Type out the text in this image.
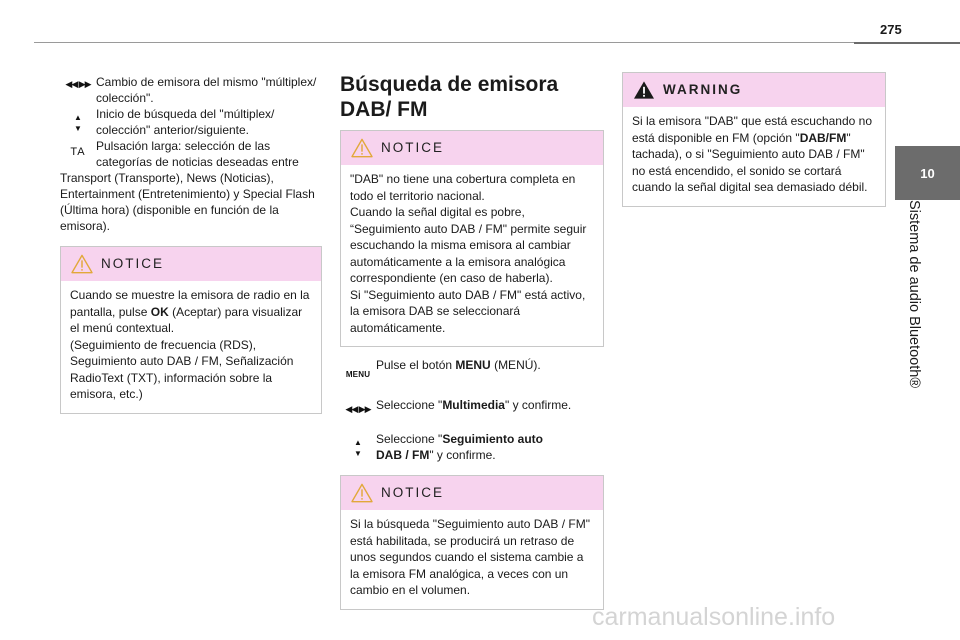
275
10
Sistema de audio Bluetooth®
◀◀ ▶▶ Cambio de emisora del mismo "múltiplex/ colección".
▲
▼
Inicio de búsqueda del "múltiplex/ colección" anterior/siguiente.
TA Pulsación larga: selección de las categorías de noticias deseadas entre
Transport (Transporte), News (Noticias), Entertainment (Entretenimiento) y Special Flash (Última hora) (disponible en función de la emisora).
NOTICE
Cuando se muestre la emisora de radio en la pantalla, pulse OK (Aceptar) para visualizar el menú contextual.
(Seguimiento de frecuencia (RDS), Seguimiento auto DAB / FM, Señalización RadioText (TXT), información sobre la emisora, etc.)
Búsqueda de emisora DAB/ FM
NOTICE
"DAB" no tiene una cobertura completa en todo el territorio nacional.
Cuando la señal digital es pobre, “Seguimiento auto DAB / FM" permite seguir escuchando la misma emisora al cambiar automáticamente a la emisora analógica correspondiente (en caso de haberla).
Si "Seguimiento auto DAB / FM" está activo, la emisora DAB se seleccionará automáticamente.
MENU
Pulse el botón MENU (MENÚ).
◀◀ ▶▶ Seleccione "Multimedia" y confirme.
▲
▼
Seleccione "Seguimiento auto DAB / FM" y confirme.
NOTICE
Si la búsqueda "Seguimiento auto DAB / FM" está habilitada, se producirá un retraso de unos segundos cuando el sistema cambie a la emisora FM analógica, a veces con un cambio en el volumen.
WARNING
Si la emisora "DAB" que está escuchando no está disponible en FM (opción "DAB/FM" tachada), o si "Seguimiento auto DAB / FM" no está encendido, el sonido se cortará cuando la señal digital sea demasiado débil.
carmanualsonline.info
